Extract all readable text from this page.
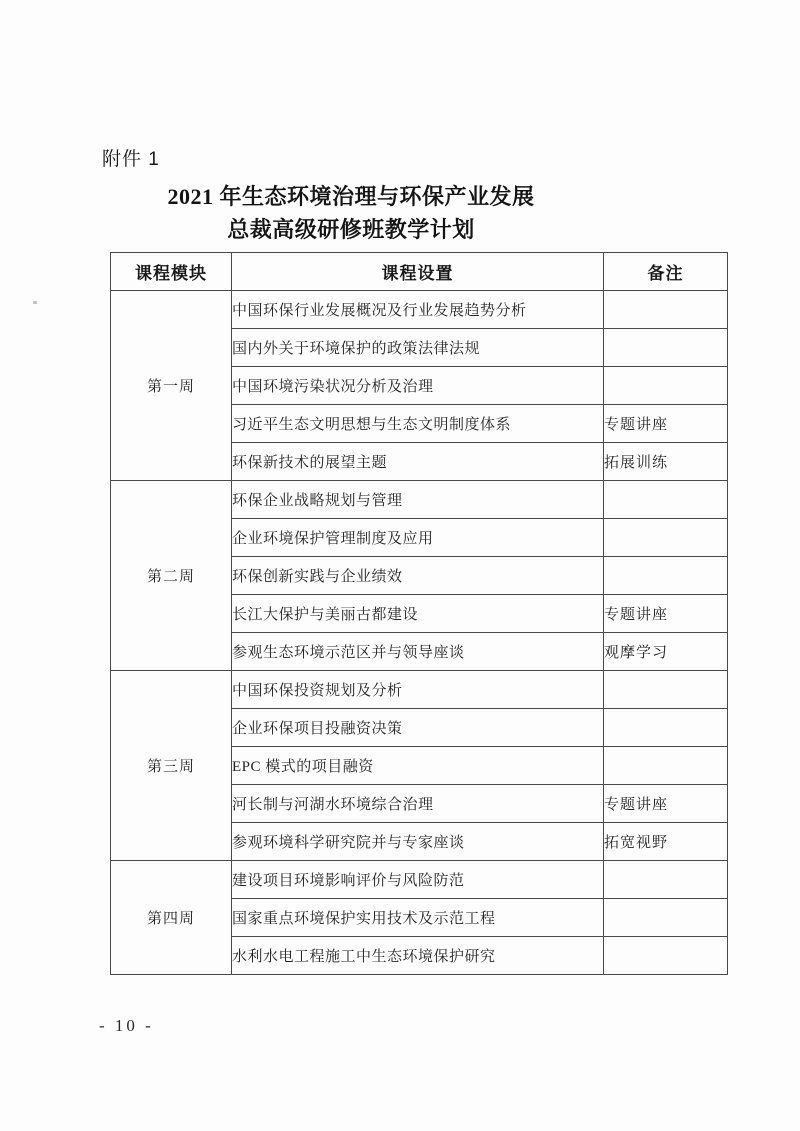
附件 1
2021 年生态环境治理与环保产业发展
总裁高级研修班教学计划
课程模块	课程设置	备注
第一周	中国环保行业发展概况及行业发展趋势分析	
	国内外关于环境保护的政策法律法规	
	中国环境污染状况分析及治理	
	习近平生态文明思想与生态文明制度体系	专题讲座
	环保新技术的展望主题	拓展训练
第二周	环保企业战略规划与管理	
	企业环境保护管理制度及应用	
	环保创新实践与企业绩效	
	长江大保护与美丽古都建设	专题讲座
	参观生态环境示范区并与领导座谈	观摩学习
第三周	中国环保投资规划及分析	
	企业环保项目投融资决策	
	EPC 模式的项目融资	
	河长制与河湖水环境综合治理	专题讲座
	参观环境科学研究院并与专家座谈	拓宽视野
第四周	建设项目环境影响评价与风险防范	
	国家重点环境保护实用技术及示范工程	
	水利水电工程施工中生态环境保护研究	
- 10 -
